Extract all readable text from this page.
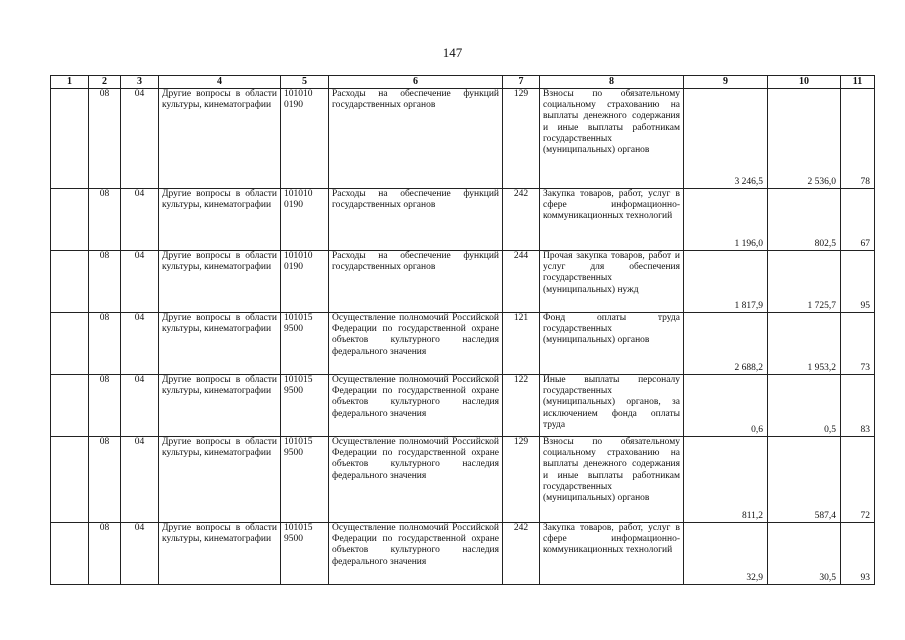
147
1	2	3	4	5	6	7	8	9	10	11
	08	04	Другие вопросы в области культуры, кинематографии	101010 0190	Расходы на обеспечение функций государственных органов	129	Взносы по обязательному социальному страхованию на выплаты денежного содержания и иные выплаты работникам государственных (муниципальных) органов	3 246,5	2 536,0	78
	08	04	Другие вопросы в области культуры, кинематографии	101010 0190	Расходы на обеспечение функций государственных органов	242	Закупка товаров, работ, услуг в сфере информационно-коммуникационных технологий	1 196,0	802,5	67
	08	04	Другие вопросы в области культуры, кинематографии	101010 0190	Расходы на обеспечение функций государственных органов	244	Прочая закупка товаров, работ и услуг для обеспечения государственных (муниципальных) нужд	1 817,9	1 725,7	95
	08	04	Другие вопросы в области культуры, кинематографии	101015 9500	Осуществление полномочий Российской Федерации по государственной охране объектов культурного наследия федерального значения	121	Фонд оплаты труда государственных (муниципальных) органов	2 688,2	1 953,2	73
	08	04	Другие вопросы в области культуры, кинематографии	101015 9500	Осуществление полномочий Российской Федерации по государственной охране объектов культурного наследия федерального значения	122	Иные выплаты персоналу государственных (муниципальных) органов, за исключением фонда оплаты труда	0,6	0,5	83
	08	04	Другие вопросы в области культуры, кинематографии	101015 9500	Осуществление полномочий Российской Федерации по государственной охране объектов культурного наследия федерального значения	129	Взносы по обязательному социальному страхованию на выплаты денежного содержания и иные выплаты работникам государственных (муниципальных) органов	811,2	587,4	72
	08	04	Другие вопросы в области культуры, кинематографии	101015 9500	Осуществление полномочий Российской Федерации по государственной охране объектов культурного наследия федерального значения	242	Закупка товаров, работ, услуг в сфере информационно-коммуникационных технологий	32,9	30,5	93
